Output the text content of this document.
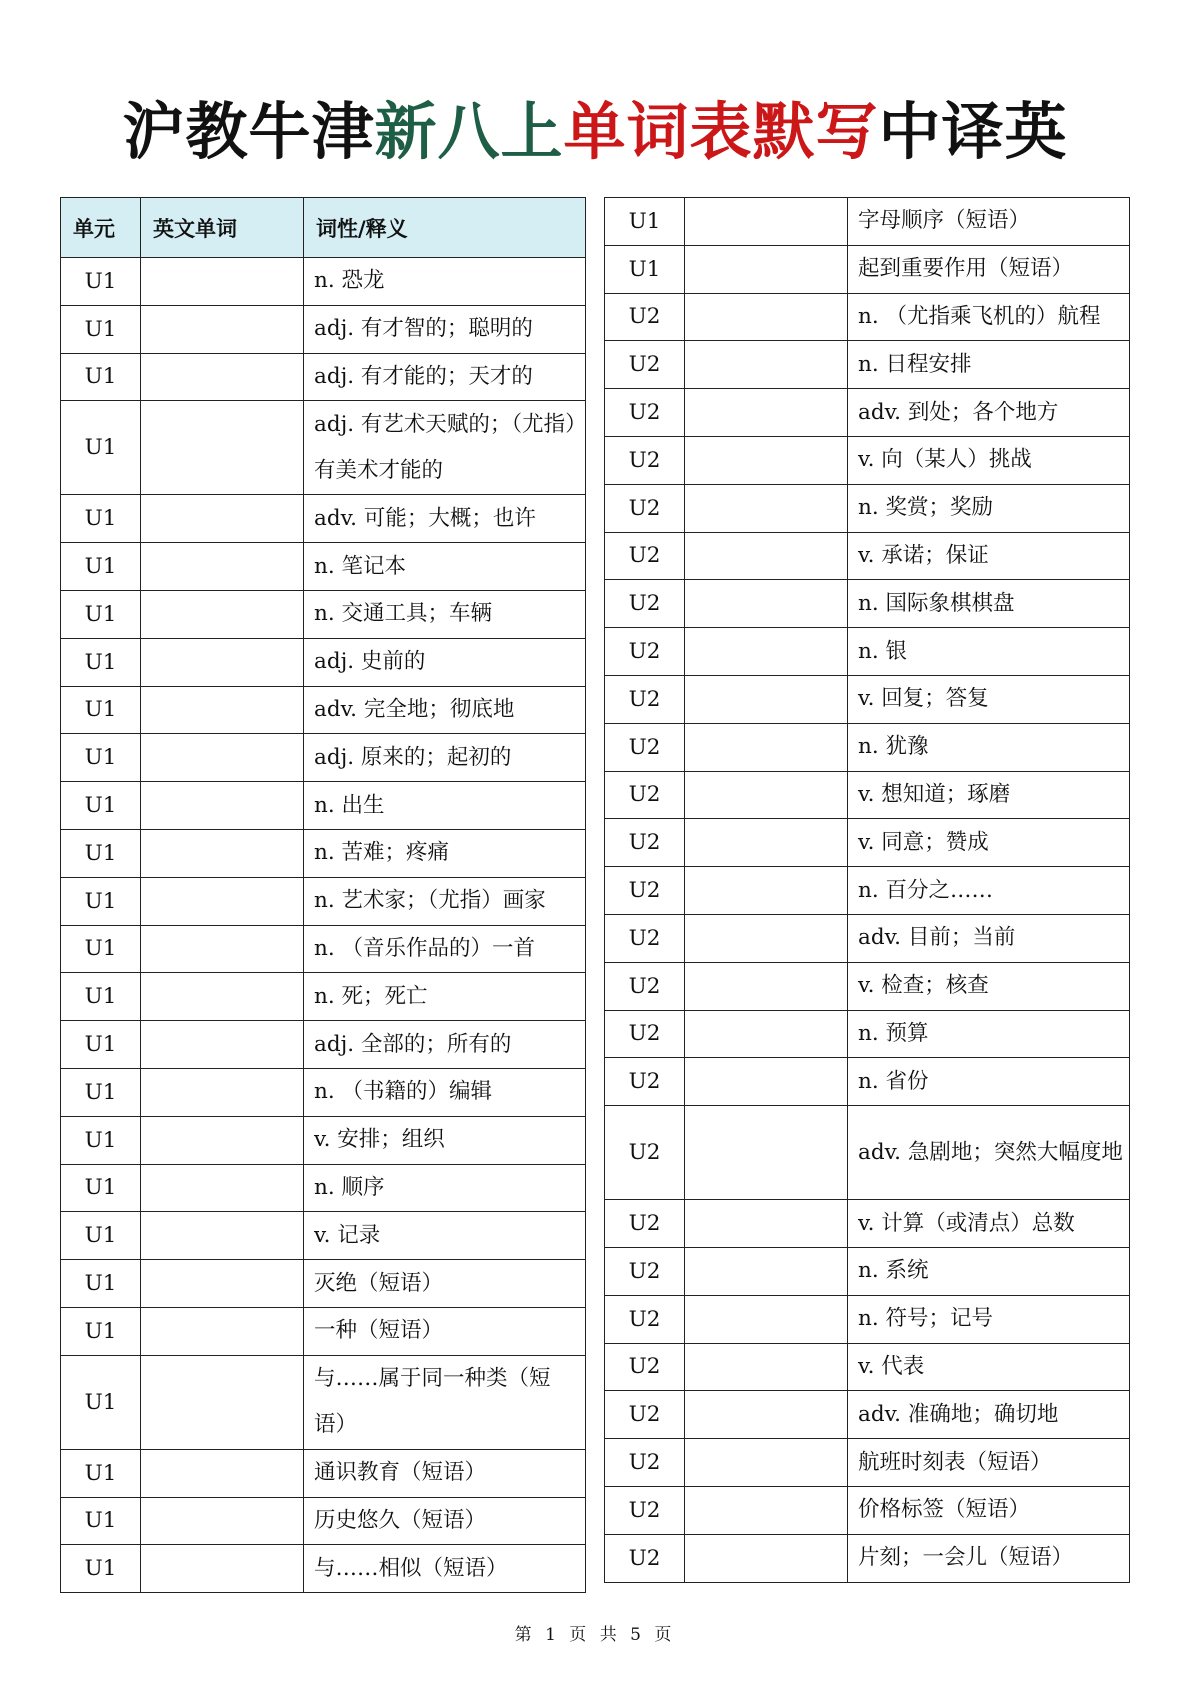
沪教牛津新八上单词表默写中译英
单元	英文单词	词性/释义
U1		n. 恐龙
U1		adj. 有才智的；聪明的
U1		adj. 有才能的；天才的
U1		adj. 有艺术天赋的；（尤指）有美术才能的
U1		adv. 可能；大概；也许
U1		n. 笔记本
U1		n. 交通工具；车辆
U1		adj. 史前的
U1		adv. 完全地；彻底地
U1		adj. 原来的；起初的
U1		n. 出生
U1		n. 苦难；疼痛
U1		n. 艺术家；（尤指）画家
U1		n. （音乐作品的）一首
U1		n. 死；死亡
U1		adj. 全部的；所有的
U1		n. （书籍的）编辑
U1		v. 安排；组织
U1		n. 顺序
U1		v. 记录
U1		灭绝（短语）
U1		一种（短语）
U1		与……属于同一种类（短语）
U1		通识教育（短语）
U1		历史悠久（短语）
U1		与……相似（短语）
U1		字母顺序（短语）
U1		起到重要作用（短语）
U2		n. （尤指乘飞机的）航程
U2		n. 日程安排
U2		adv. 到处；各个地方
U2		v. 向（某人）挑战
U2		n. 奖赏；奖励
U2		v. 承诺；保证
U2		n. 国际象棋棋盘
U2		n. 银
U2		v. 回复；答复
U2		n. 犹豫
U2		v. 想知道；琢磨
U2		v. 同意；赞成
U2		n. 百分之……
U2		adv. 目前；当前
U2		v. 检查；核查
U2		n. 预算
U2		n. 省份
U2		adv. 急剧地；突然大幅度地
U2		v. 计算（或清点）总数
U2		n. 系统
U2		n. 符号；记号
U2		v. 代表
U2		adv. 准确地；确切地
U2		航班时刻表（短语）
U2		价格标签（短语）
U2		片刻；一会儿（短语）
第 1 页 共 5 页
